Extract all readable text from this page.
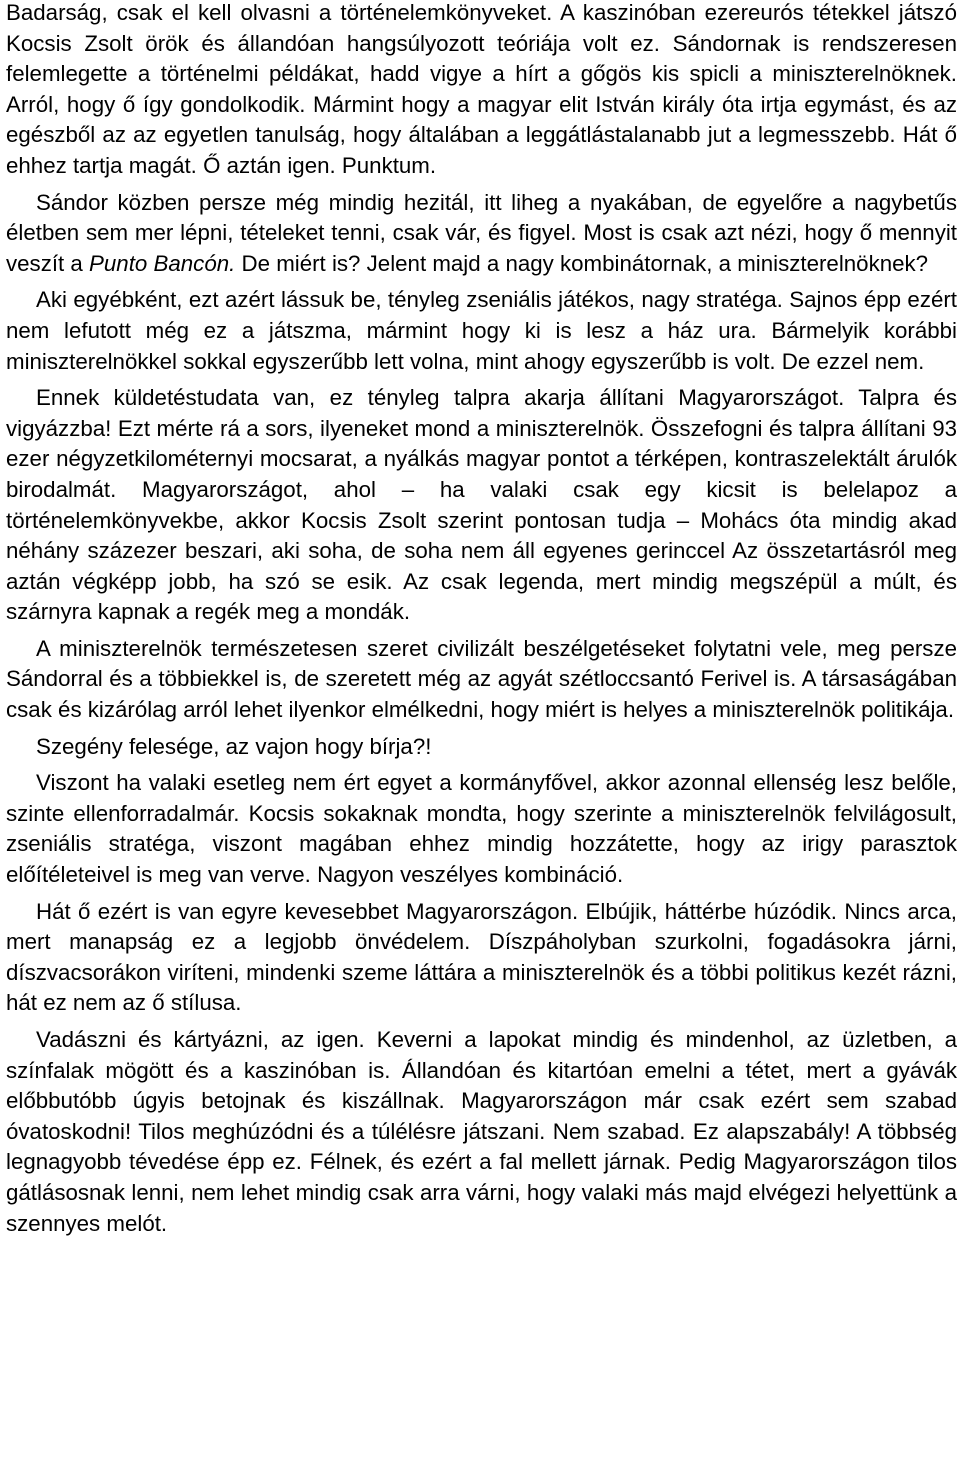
Badarság, csak el kell olvasni a történelemkönyveket. A kaszinóban ezereurós tétekkel játszó Kocsis Zsolt örök és állandóan hangsúlyozott teóriája volt ez. Sándornak is rendszeresen felemlegette a történelmi példákat, hadd vigye a hírt a gőgös kis spicli a miniszterelnöknek. Arról, hogy ő így gondolkodik. Mármint hogy a magyar elit István király óta irtja egymást, és az egészből az az egyetlen tanulság, hogy általában a leggátlástalanabb jut a legmesszebb. Hát ő ehhez tartja magát. Ő aztán igen. Punktum.

Sándor közben persze még mindig hezitál, itt liheg a nyakában, de egyelőre a nagybetűs életben sem mer lépni, tételeket tenni, csak vár, és figyel. Most is csak azt nézi, hogy ő mennyit veszít a Punto Bancón. De miért is? Jelent majd a nagy kombinátornak, a miniszterelnöknek?

Aki egyébként, ezt azért lássuk be, tényleg zseniális játékos, nagy stratéga. Sajnos épp ezért nem lefutott még ez a játszma, mármint hogy ki is lesz a ház ura. Bármelyik korábbi miniszterelnökkel sokkal egyszerűbb lett volna, mint ahogy egyszerűbb is volt. De ezzel nem.

Ennek küldetéstudata van, ez tényleg talpra akarja állítani Magyarországot. Talpra és vigyázzba! Ezt mérte rá a sors, ilyeneket mond a miniszterelnök. Összefogni és talpra állítani 93 ezer négyzetkilométernyi mocsarat, a nyálkás magyar pontot a térképen, kontraszelektált árulók birodalmát. Magyarországot, ahol – ha valaki csak egy kicsit is belelapoz a történelemkönyvekbe, akkor Kocsis Zsolt szerint pontosan tudja – Mohács óta mindig akad néhány százezer beszari, aki soha, de soha nem áll egyenes gerinccel Az összetartásról meg aztán végképp jobb, ha szó se esik. Az csak legenda, mert mindig megszépül a múlt, és szárnyra kapnak a regék meg a mondák.

A miniszterelnök természetesen szeret civilizált beszélgetéseket folytatni vele, meg persze Sándorral és a többiekkel is, de szeretett még az agyát szétloccsantó Ferivel is. A társaságában csak és kizárólag arról lehet ilyenkor elmélkedni, hogy miért is helyes a miniszterelnök politikája.

Szegény felesége, az vajon hogy bírja?!

Viszont ha valaki esetleg nem ért egyet a kormányfővel, akkor azonnal ellenség lesz belőle, szinte ellenforradalmár. Kocsis sokaknak mondta, hogy szerinte a miniszterelnök felvilágosult, zseniális stratéga, viszont magában ehhez mindig hozzátette, hogy az irigy parasztok előítéleteivel is meg van verve. Nagyon veszélyes kombináció.

Hát ő ezért is van egyre kevesebbet Magyarországon. Elbújik, háttérbe húzódik. Nincs arca, mert manapság ez a legjobb önvédelem. Díszpáholyban szurkolni, fogadásokra járni, díszvacsorákon viríteni, mindenki szeme láttára a miniszterelnök és a többi politikus kezét rázni, hát ez nem az ő stílusa.

Vadászni és kártyázni, az igen. Keverni a lapokat mindig és mindenhol, az üzletben, a színfalak mögött és a kaszinóban is. Állandóan és kitartóan emelni a tétet, mert a gyávák előbbutóbb úgyis betojnak és kiszállnak. Magyarországon már csak ezért sem szabad óvatoskodni! Tilos meghúzódni és a túlélésre játszani. Nem szabad. Ez alapszabály! A többség legnagyobb tévedése épp ez. Félnek, és ezért a fal mellett járnak. Pedig Magyarországon tilos gátlásosnak lenni, nem lehet mindig csak arra várni, hogy valaki más majd elvégezi helyettünk a szennyes melót.
